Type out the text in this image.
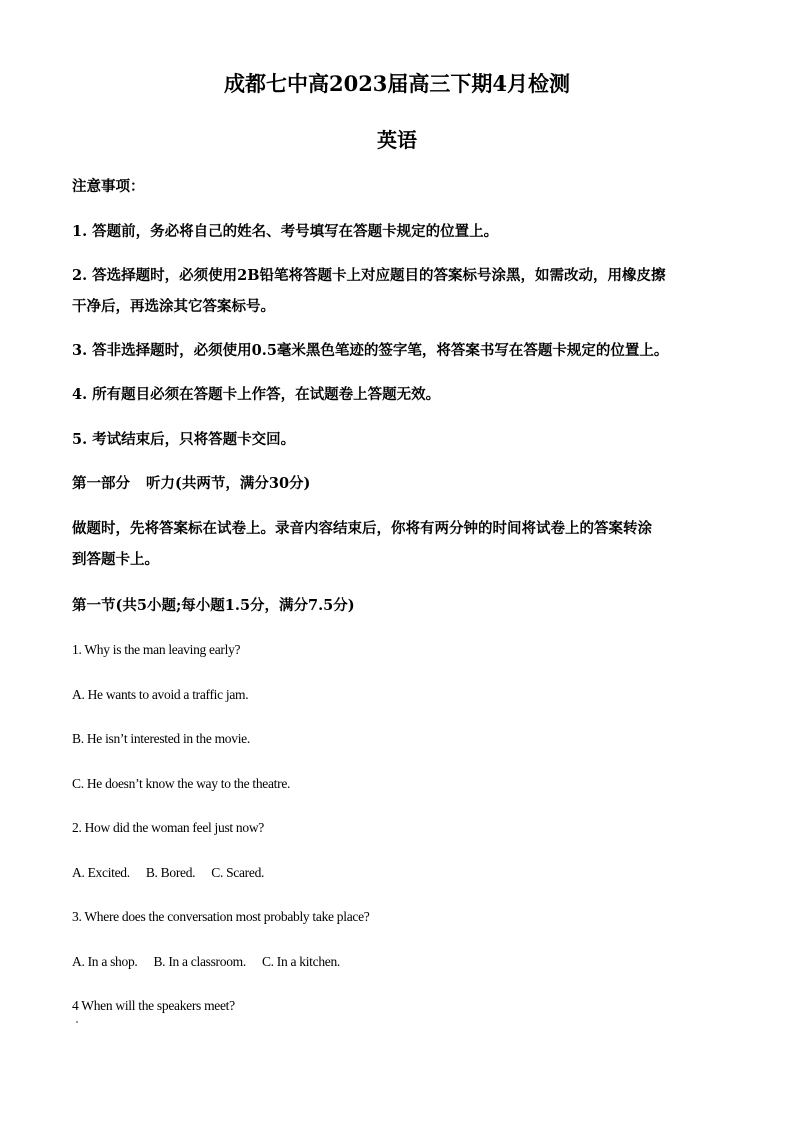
成都七中高2023届高三下期4月检测
英语
注意事项：
1. 答题前，务必将自己的姓名、考号填写在答题卡规定的位置上。
2. 答选择题时，必须使用2B铅笔将答题卡上对应题目的答案标号涂黑，如需改动，用橡皮擦
干净后，再选涂其它答案标号。
3. 答非选择题时，必须使用0.5毫米黑色笔迹的签字笔，将答案书写在答题卡规定的位置上。
4. 所有题目必须在答题卡上作答，在试题卷上答题无效。
5. 考试结束后，只将答题卡交回。
第一部分 听力(共两节，满分30分)
做题时，先将答案标在试卷上。录音内容结束后，你将有两分钟的时间将试卷上的答案转涂
到答题卡上。
第一节(共5小题;每小题1.5分，满分7.5分)
1. Why is the man leaving early?
A. He wants to avoid a traffic jam.
B. He isn’t interested in the movie.
C. He doesn’t know the way to the theatre.
2. How did the woman feel just now?
A. Excited. B. Bored. C. Scared.
3. Where does the conversation most probably take place?
A. In a shop. B. In a classroom. C. In a kitchen.
4 When will the speakers meet?
